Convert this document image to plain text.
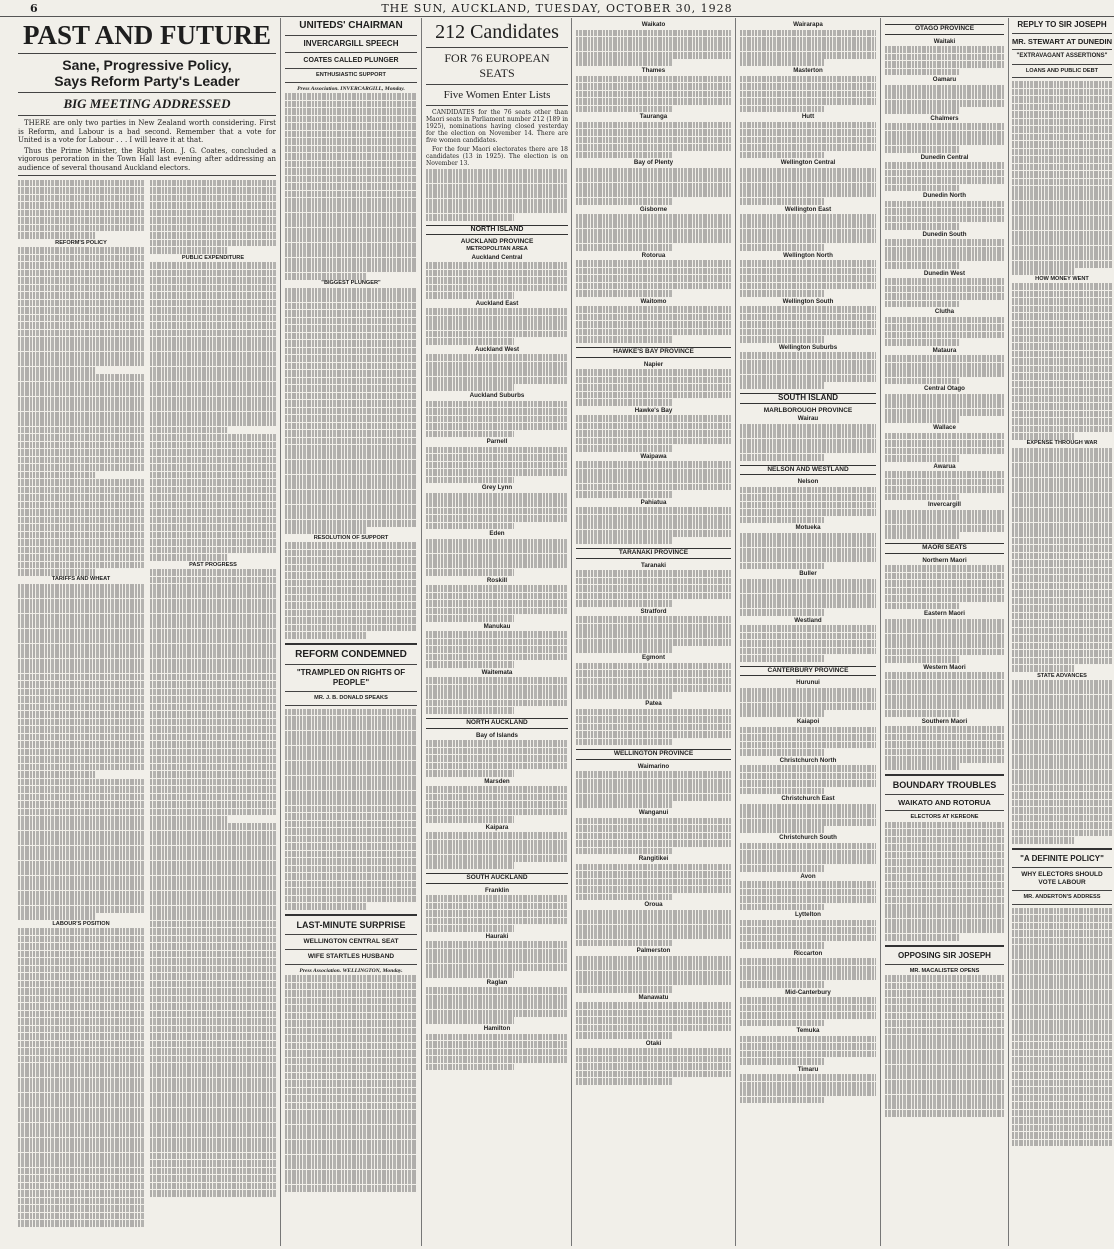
6	THE SUN, AUCKLAND, TUESDAY, OCTOBER 30, 1928
PAST AND FUTURE
Sane, Progressive Policy,
Says Reform Party's Leader
BIG MEETING ADDRESSED

THERE are only two parties in New Zealand worth considering. First is Reform, and Labour is a bad second. Remember that a vote for United is a vote for Labour . . . I will leave it at that.

Thus the Prime Minister, the Right Hon. J. G. Coates, concluded a vigorous peroration in the Town Hall last evening after addressing an audience of several thousand Auckland electors.

REFORM'S POLICY
TARIFFS AND WHEAT
LABOUR'S POSITION
PUBLIC EXPENDITURE
PAST PROGRESS
UNITEDS' CHAIRMAN
INVERCARGILL SPEECH
COATES CALLED PLUNGER
ENTHUSIASTIC SUPPORT
Press Association. INVERCARGILL, Monday.
"BIGGEST PLUNGER"
RESOLUTION OF SUPPORT
REFORM CONDEMNED
"TRAMPLED ON RIGHTS OF PEOPLE"
MR. J. B. DONALD SPEAKS
LAST-MINUTE SURPRISE
WELLINGTON CENTRAL SEAT
WIFE STARTLES HUSBAND
Press Association. WELLINGTON, Monday.
212 Candidates
FOR 76 EUROPEAN SEATS
Five Women Enter Lists

CANDIDATES for the 76 seats other than Maori seats in Parliament number 212 (189 in 1925), nominations having closed yesterday for the election on November 14. There are five women candidates.

For the four Maori electorates there are 18 candidates (13 in 1925). The election is on November 13.

NORTH ISLAND
AUCKLAND PROVINCE
METROPOLITAN AREA
Auckland Central
Auckland East
Auckland West
Auckland Suburbs
Parnell
Grey Lynn
Eden
Roskill
Manukau
Waitemata
NORTH AUCKLAND
Bay of Islands
Marsden
Kaipara
SOUTH AUCKLAND
Franklin
Hauraki
Raglan
Hamilton
Waikato
Thames
Tauranga
Bay of Plenty
Gisborne
Rotorua
Waitomo
HAWKE'S BAY PROVINCE
Napier
Hawke's Bay
Waipawa
Pahiatua
TARANAKI PROVINCE
Taranaki
Stratford
Egmont
Patea
WELLINGTON PROVINCE
Waimarino
Wanganui
Rangitikei
Oroua
Palmerston
Manawatu
Otaki
Wairarapa
Masterton
Hutt
Wellington Central
Wellington East
Wellington North
Wellington South
Wellington Suburbs
SOUTH ISLAND
MARLBOROUGH PROVINCE
Wairau
NELSON AND WESTLAND
Nelson
Motueka
Buller
Westland
CANTERBURY PROVINCE
Hurunui
Kaiapoi
Christchurch North
Christchurch East
Christchurch South
Avon
Lyttelton
Riccarton
Mid-Canterbury
Temuka
Timaru
OTAGO PROVINCE
Waitaki
Oamaru
Chalmers
Dunedin Central
Dunedin North
Dunedin South
Dunedin West
Clutha
Mataura
Central Otago
Wallace
Awarua
Invercargill
MAORI SEATS
Northern Maori
Eastern Maori
Western Maori
Southern Maori
BOUNDARY TROUBLES
WAIKATO AND ROTORUA
ELECTORS AT KEREONE
OPPOSING SIR JOSEPH
MR. MACALISTER OPENS
REPLY TO SIR JOSEPH
MR. STEWART AT DUNEDIN
"EXTRAVAGANT ASSERTIONS"
LOANS AND PUBLIC DEBT
HOW MONEY WENT
EXPENSE THROUGH WAR
STATE ADVANCES
"A DEFINITE POLICY"
WHY ELECTORS SHOULD VOTE LABOUR
MR. ANDERTON'S ADDRESS
